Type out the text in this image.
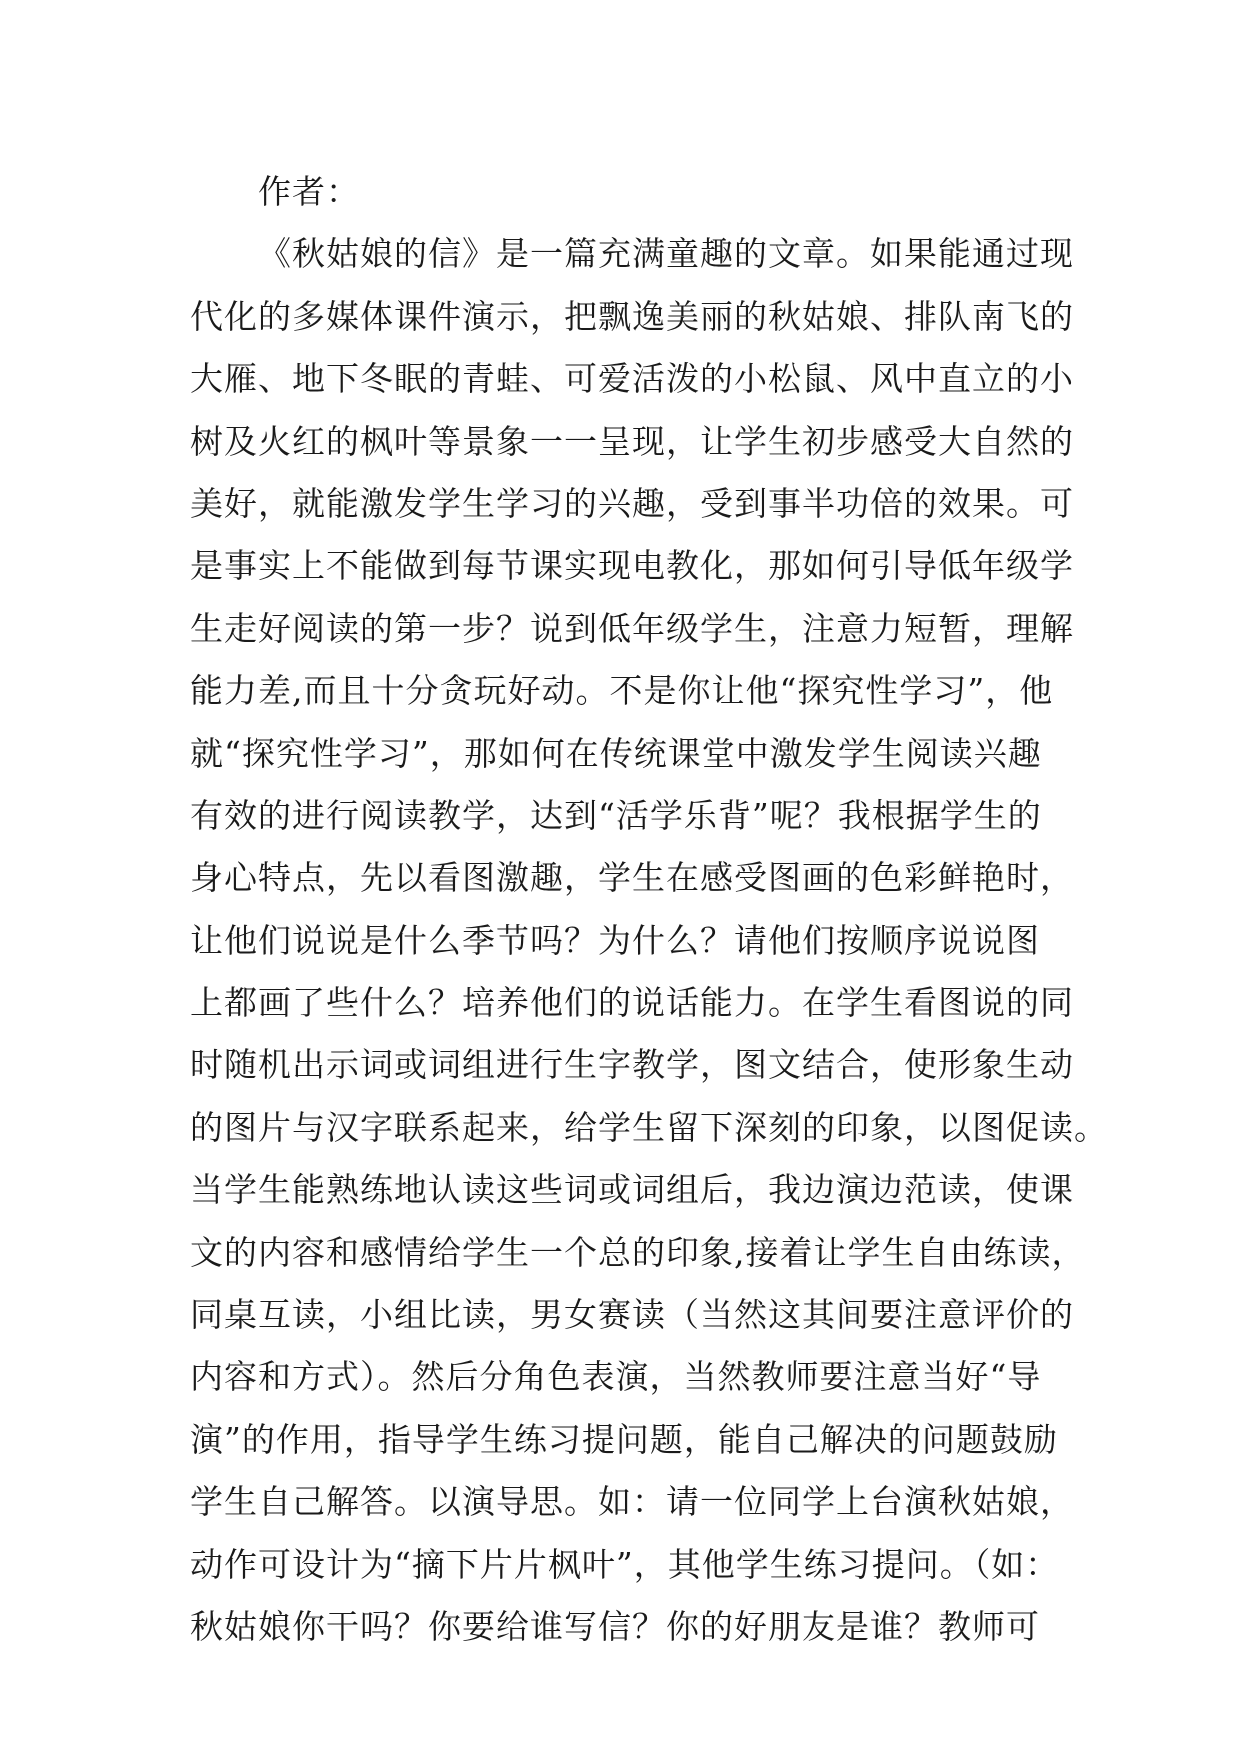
作者：
《秋姑娘的信》是一篇充满童趣的文章。如果能通过现
代化的多媒体课件演示，把飘逸美丽的秋姑娘、排队南飞的
大雁、地下冬眠的青蛙、可爱活泼的小松鼠、风中直立的小
树及火红的枫叶等景象一一呈现，让学生初步感受大自然的
美好，就能激发学生学习的兴趣，受到事半功倍的效果。可
是事实上不能做到每节课实现电教化，那如何引导低年级学
生走好阅读的第一步？说到低年级学生，注意力短暂，理解
能力差,而且十分贪玩好动。不是你让他“探究性学习”，他
就“探究性学习”，那如何在传统课堂中激发学生阅读兴趣
有效的进行阅读教学，达到“活学乐背”呢？我根据学生的
身心特点，先以看图激趣，学生在感受图画的色彩鲜艳时，
让他们说说是什么季节吗？为什么？请他们按顺序说说图
上都画了些什么？培养他们的说话能力。在学生看图说的同
时随机出示词或词组进行生字教学，图文结合，使形象生动
的图片与汉字联系起来，给学生留下深刻的印象，以图促读。
当学生能熟练地认读这些词或词组后，我边演边范读，使课
文的内容和感情给学生一个总的印象,接着让学生自由练读，
同桌互读，小组比读，男女赛读（当然这其间要注意评价的
内容和方式）。然后分角色表演，当然教师要注意当好“导
演”的作用，指导学生练习提问题，能自己解决的问题鼓励
学生自己解答。以演导思。如：请一位同学上台演秋姑娘，
动作可设计为“摘下片片枫叶”，其他学生练习提问。（如：
秋姑娘你干吗？你要给谁写信？你的好朋友是谁？教师可
